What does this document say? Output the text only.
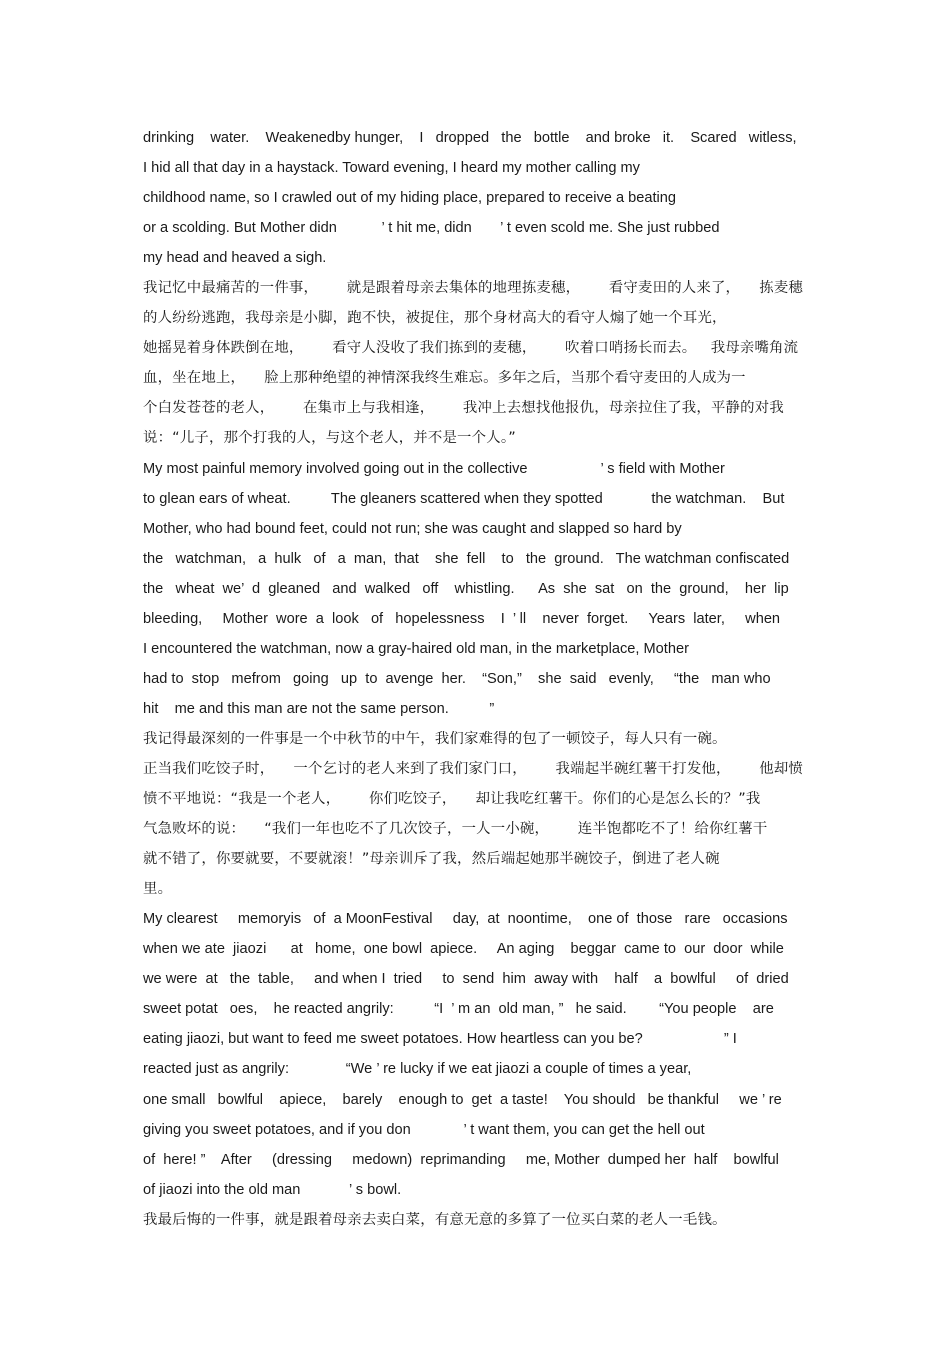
drinking    water.    Weakenedby hunger,    I   dropped   the   bottle    and broke   it.    Scared   witless,
I hid all that day in a haystack. Toward evening, I heard my mother calling my
childhood name, so I crawled out of my hiding place, prepared to receive a beating
or a scolding. But Mother didn           ’ t hit me, didn       ’ t even scold me. She just rubbed
my head and heaved a sigh.
我记忆中最痛苦的一件事，      就是跟着母亲去集体的地理拣麦穗，      看守麦田的人来了，    拣麦穗
的人纷纷逃跑，我母亲是小脚，跑不快，被捉住，那个身材高大的看守人煽了她一个耳光，
她摇晃着身体跌倒在地，      看守人没收了我们拣到的麦穗，      吹着口哨扬长而去。   我母亲嘴角流
血，坐在地上，    脸上那种绝望的神情深我终生难忘。多年之后，当那个看守麦田的人成为一
个白发苍苍的老人，      在集市上与我相逢，      我冲上去想找他报仇，母亲拉住了我，平静的对我
说：“儿子，那个打我的人，与这个老人，并不是一个人。”
My most painful memory involved going out in the collective                  ’ s field with Mother
to glean ears of wheat.          The gleaners scattered when they spotted            the watchman.    But
Mother, who had bound feet, could not run; she was caught and slapped so hard by
the   watchman,   a  hulk   of   a  man,  that    she  fell    to   the  ground.   The watchman confiscated
the   wheat  we’  d  gleaned   and  walked   off    whistling.      As  she  sat   on  the  ground,    her  lip
bleeding,     Mother  wore  a  look   of   hopelessness    I  ’ ll    never  forget.     Years  later,     when
I encountered the watchman, now a gray-haired old man, in the marketplace, Mother
had to  stop   mefrom   going   up  to  avenge  her.    “Son,”    she  said   evenly,     “the   man who
hit    me and this man are not the same person.          ”
我记得最深刻的一件事是一个中秋节的中午，我们家难得的包了一顿饺子，每人只有一碗。
正当我们吃饺子时，    一个乞讨的老人来到了我们家门口，      我端起半碗红薯干打发他，      他却愤
愤不平地说：“我是一个老人，      你们吃饺子，    却让我吃红薯干。你们的心是怎么长的？”我
气急败坏的说：    “我们一年也吃不了几次饺子，一人一小碗，      连半饱都吃不了！给你红薯干
就不错了，你要就要，不要就滚！”母亲训斥了我，然后端起她那半碗饺子，倒进了老人碗
里。
My clearest     memoryis   of  a MoonFestival     day,  at  noontime,    one of  those   rare   occasions
when we ate  jiaozi      at   home,  one bowl  apiece.     An aging    beggar  came to  our  door  while
we were  at   the  table,     and when I  tried     to  send  him  away with    half    a  bowlful     of  dried
sweet potat   oes,    he reacted angrily:          “I  ’ m an  old man, ”   he said.        “You people    are
eating jiaozi, but want to feed me sweet potatoes. How heartless can you be?                    ” I
reacted just as angrily:              “We ’ re lucky if we eat jiaozi a couple of times a year,
one small   bowlful    apiece,    barely    enough to  get  a taste!    You should   be thankful     we ’ re
giving you sweet potatoes, and if you don             ’ t want them, you can get the hell out
of  here! ”    After     (dressing     medown)  reprimanding     me, Mother  dumped her  half    bowlful
of jiaozi into the old man            ’ s bowl.
我最后悔的一件事，就是跟着母亲去卖白菜，有意无意的多算了一位买白菜的老人一毛钱。
